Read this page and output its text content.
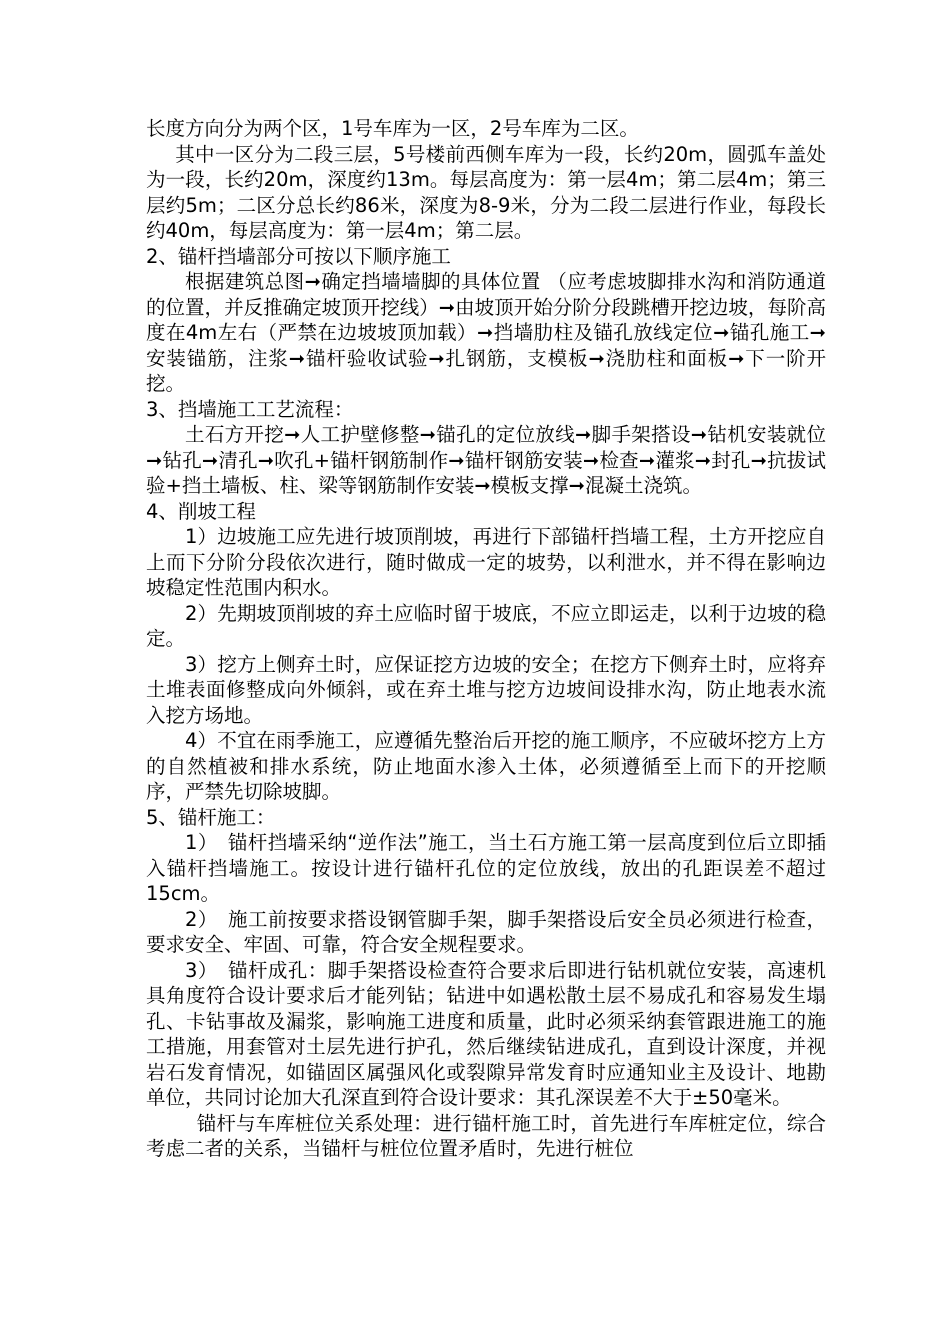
长度方向分为两个区，1号车库为一区，2号车库为二区。

其中一区分为二段三层，5号楼前西侧车库为一段，长约20m，圆弧车盖处为一段，长约20m，深度约13m。每层高度为：第一层4m；第二层4m；第三层约5m；二区分总长约86米，深度为8-9米，分为二段二层进行作业，每段长约40m，每层高度为：第一层4m；第二层。

2、锚杆挡墙部分可按以下顺序施工

根据建筑总图➞确定挡墙墙脚的具体位置 （应考虑坡脚排水沟和消防通道的位置，并反推确定坡顶开挖线）➞由坡顶开始分阶分段跳槽开挖边坡，每阶高度在4m左右（严禁在边坡坡顶加载）➞挡墙肋柱及锚孔放线定位➞锚孔施工➞安装锚筋，注浆➞锚杆验收试验➞扎钢筋，支模板➞浇肋柱和面板➞下一阶开挖。

3、挡墙施工工艺流程：

土石方开挖➞人工护壁修整➞锚孔的定位放线➞脚手架搭设➞钻机安装就位➞钻孔➞清孔➞吹孔+锚杆钢筋制作➞锚杆钢筋安装➞检查➞灌浆➞封孔➞抗拔试验+挡土墙板、柱、梁等钢筋制作安装➞模板支撑➞混凝土浇筑。

4、削坡工程

1）边坡施工应先进行坡顶削坡，再进行下部锚杆挡墙工程，土方开挖应自上而下分阶分段依次进行，随时做成一定的坡势，以利泄水，并不得在影响边坡稳定性范围内积水。

2）先期坡顶削坡的弃土应临时留于坡底，不应立即运走，以利于边坡的稳定。

3）挖方上侧弃土时，应保证挖方边坡的安全；在挖方下侧弃土时，应将弃土堆表面修整成向外倾斜，或在弃土堆与挖方边坡间设排水沟，防止地表水流入挖方场地。

4）不宜在雨季施工，应遵循先整治后开挖的施工顺序，不应破坏挖方上方的自然植被和排水系统，防止地面水渗入土体，必须遵循至上而下的开挖顺序，严禁先切除坡脚。

5、锚杆施工：

1）　锚杆挡墙采纳“逆作法”施工，当土石方施工第一层高度到位后立即插入锚杆挡墙施工。按设计进行锚杆孔位的定位放线，放出的孔距误差不超过15cm。

2）　施工前按要求搭设钢管脚手架，脚手架搭设后安全员必须进行检查，要求安全、牢固、可靠，符合安全规程要求。

3）　锚杆成孔：脚手架搭设检查符合要求后即进行钻机就位安装，高速机具角度符合设计要求后才能列钻；钻进中如遇松散土层不易成孔和容易发生塌孔、卡钻事故及漏浆，影响施工进度和质量，此时必须采纳套管跟进施工的施工措施，用套管对土层先进行护孔，然后继续钻进成孔，直到设计深度，并视岩石发育情况，如锚固区属强风化或裂隙异常发育时应通知业主及设计、地勘单位，共同讨论加大孔深直到符合设计要求：其孔深误差不大于±50毫米。

锚杆与车库桩位关系处理：进行锚杆施工时，首先进行车库桩定位，综合考虑二者的关系，当锚杆与桩位位置矛盾时，先进行桩位
